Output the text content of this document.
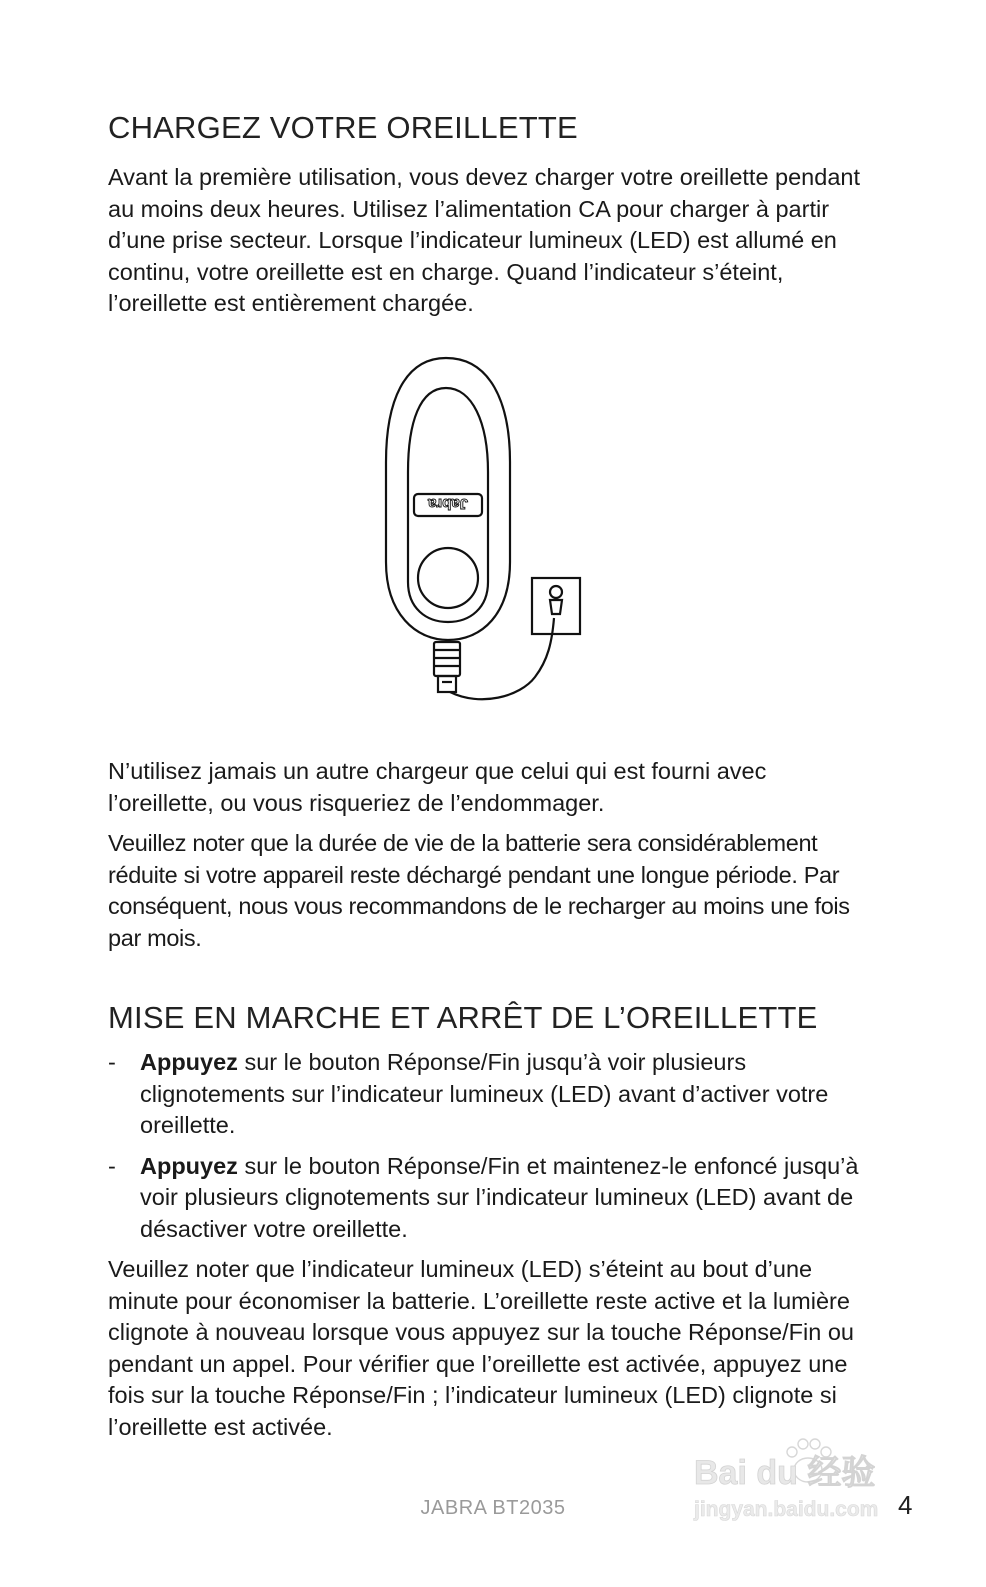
CHARGEZ VOTRE OREILLETTE

Avant la première utilisation, vous devez charger votre oreillette pendant au moins deux heures. Utilisez l’alimentation CA pour charger à partir d’une prise secteur. Lorsque l’indicateur lumineux (LED) est allumé en continu, votre oreillette est en charge. Quand l’indicateur s’éteint, l’oreillette est entièrement chargée.

Jabra

N’utilisez jamais un autre chargeur que celui qui est fourni avec l’oreillette, ou vous risqueriez de l’endommager.

Veuillez noter que la durée de vie de la batterie sera considérablement réduite si votre appareil reste déchargé pendant une longue période. Par conséquent, nous vous recommandons de le recharger au moins une fois par mois.

MISE EN MARCHE ET ARRÊT DE L’OREILLETTE
- Appuyez sur le bouton Réponse/Fin jusqu’à voir plusieurs clignotements sur l’indicateur lumineux (LED) avant d’activer votre oreillette.
- Appuyez sur le bouton Réponse/Fin et maintenez-le enfoncé jusqu’à voir plusieurs clignotements sur l’indicateur lumineux (LED) avant de désactiver votre oreillette.

Veuillez noter que l’indicateur lumineux (LED) s’éteint au bout d’une minute pour économiser la batterie. L’oreillette reste active et la lumière clignote à nouveau lorsque vous appuyez sur la touche Réponse/Fin ou pendant un appel. Pour vérifier que l’oreillette est activée, appuyez une fois sur la touche Réponse/Fin ; l’indicateur lumineux (LED) clignote si l’oreillette est activée.

JABRA BT2035	4
Bai du 经验
jingyan.baidu.com
